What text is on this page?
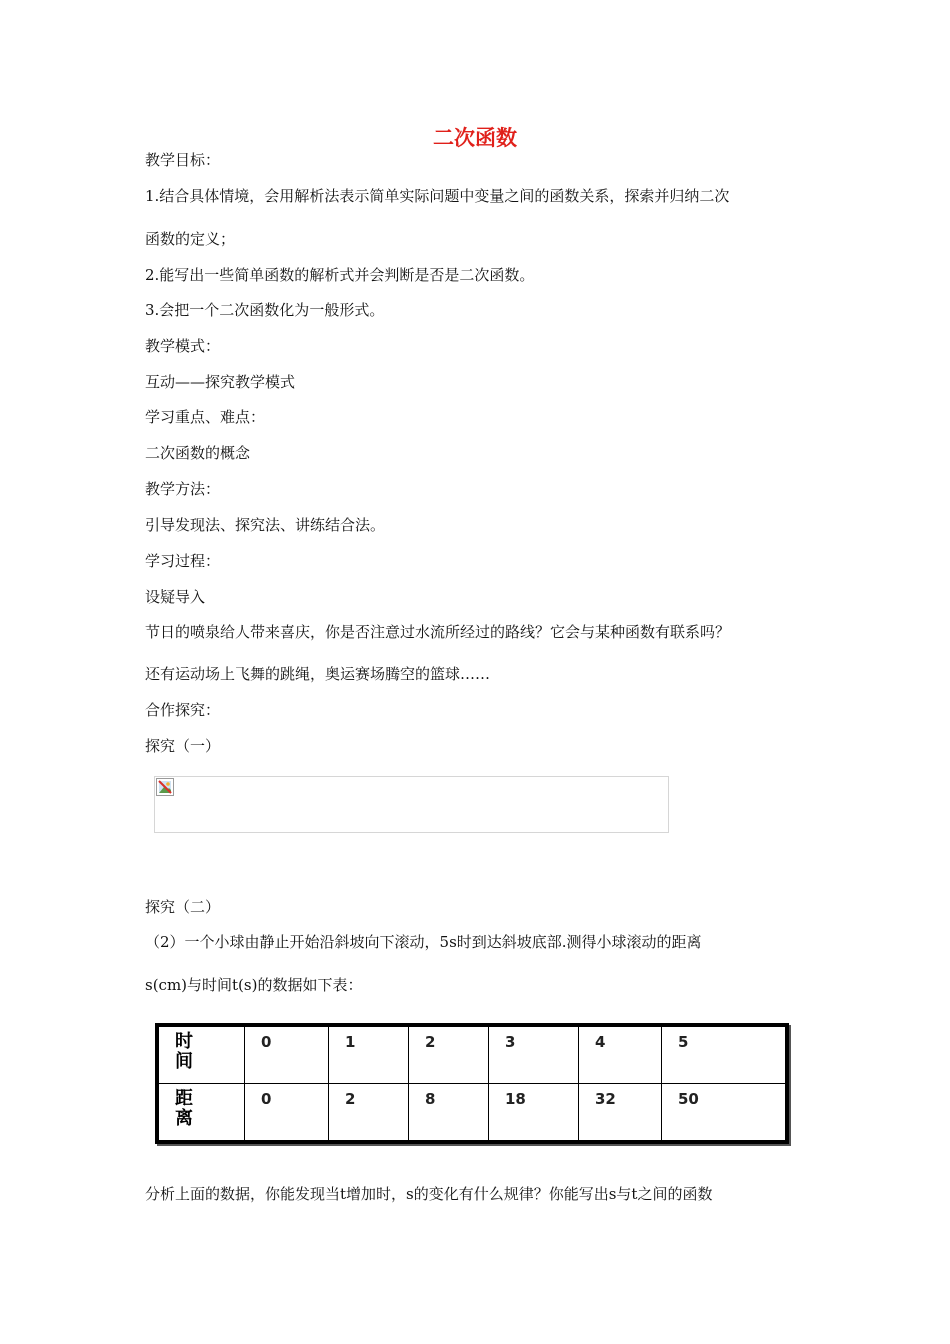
二次函数
教学目标：
1.结合具体情境，会用解析法表示简单实际问题中变量之间的函数关系，探索并归纳二次
函数的定义；
2.能写出一些简单函数的解析式并会判断是否是二次函数。
3.会把一个二次函数化为一般形式。
教学模式：
互动——探究教学模式
学习重点、难点：
二次函数的概念
教学方法：
引导发现法、探究法、讲练结合法。
学习过程：
设疑导入
节日的喷泉给人带来喜庆，你是否注意过水流所经过的路线？它会与某种函数有联系吗？
还有运动场上飞舞的跳绳，奥运赛场腾空的篮球……
合作探究：
探究（一）
探究（二）
（2）一个小球由静止开始沿斜坡向下滚动，5s时到达斜坡底部.测得小球滚动的距离
s(cm)与时间t(s)的数据如下表：
时
间	0	1	2	3	4	5
距
离	0	2	8	18	32	50
分析上面的数据，你能发现当t增加时，s的变化有什么规律？你能写出s与t之间的函数
